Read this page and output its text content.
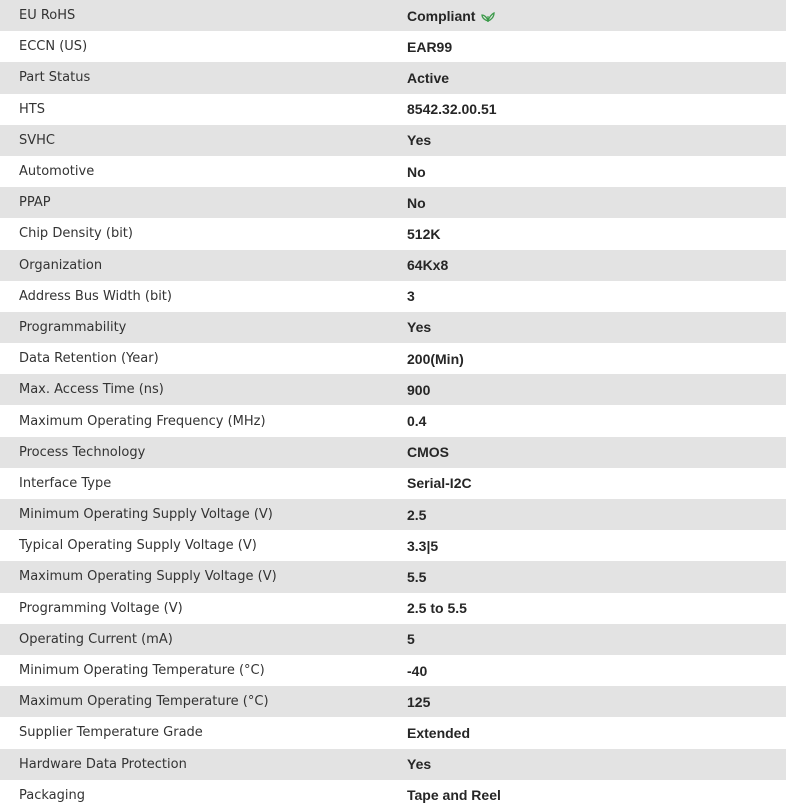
EU RoHS	Compliant
ECCN (US)	EAR99
Part Status	Active
HTS	8542.32.00.51
SVHC	Yes
Automotive	No
PPAP	No
Chip Density (bit)	512K
Organization	64Kx8
Address Bus Width (bit)	3
Programmability	Yes
Data Retention (Year)	200(Min)
Max. Access Time (ns)	900
Maximum Operating Frequency (MHz)	0.4
Process Technology	CMOS
Interface Type	Serial-I2C
Minimum Operating Supply Voltage (V)	2.5
Typical Operating Supply Voltage (V)	3.3|5
Maximum Operating Supply Voltage (V)	5.5
Programming Voltage (V)	2.5 to 5.5
Operating Current (mA)	5
Minimum Operating Temperature (°C)	-40
Maximum Operating Temperature (°C)	125
Supplier Temperature Grade	Extended
Hardware Data Protection	Yes
Packaging	Tape and Reel
